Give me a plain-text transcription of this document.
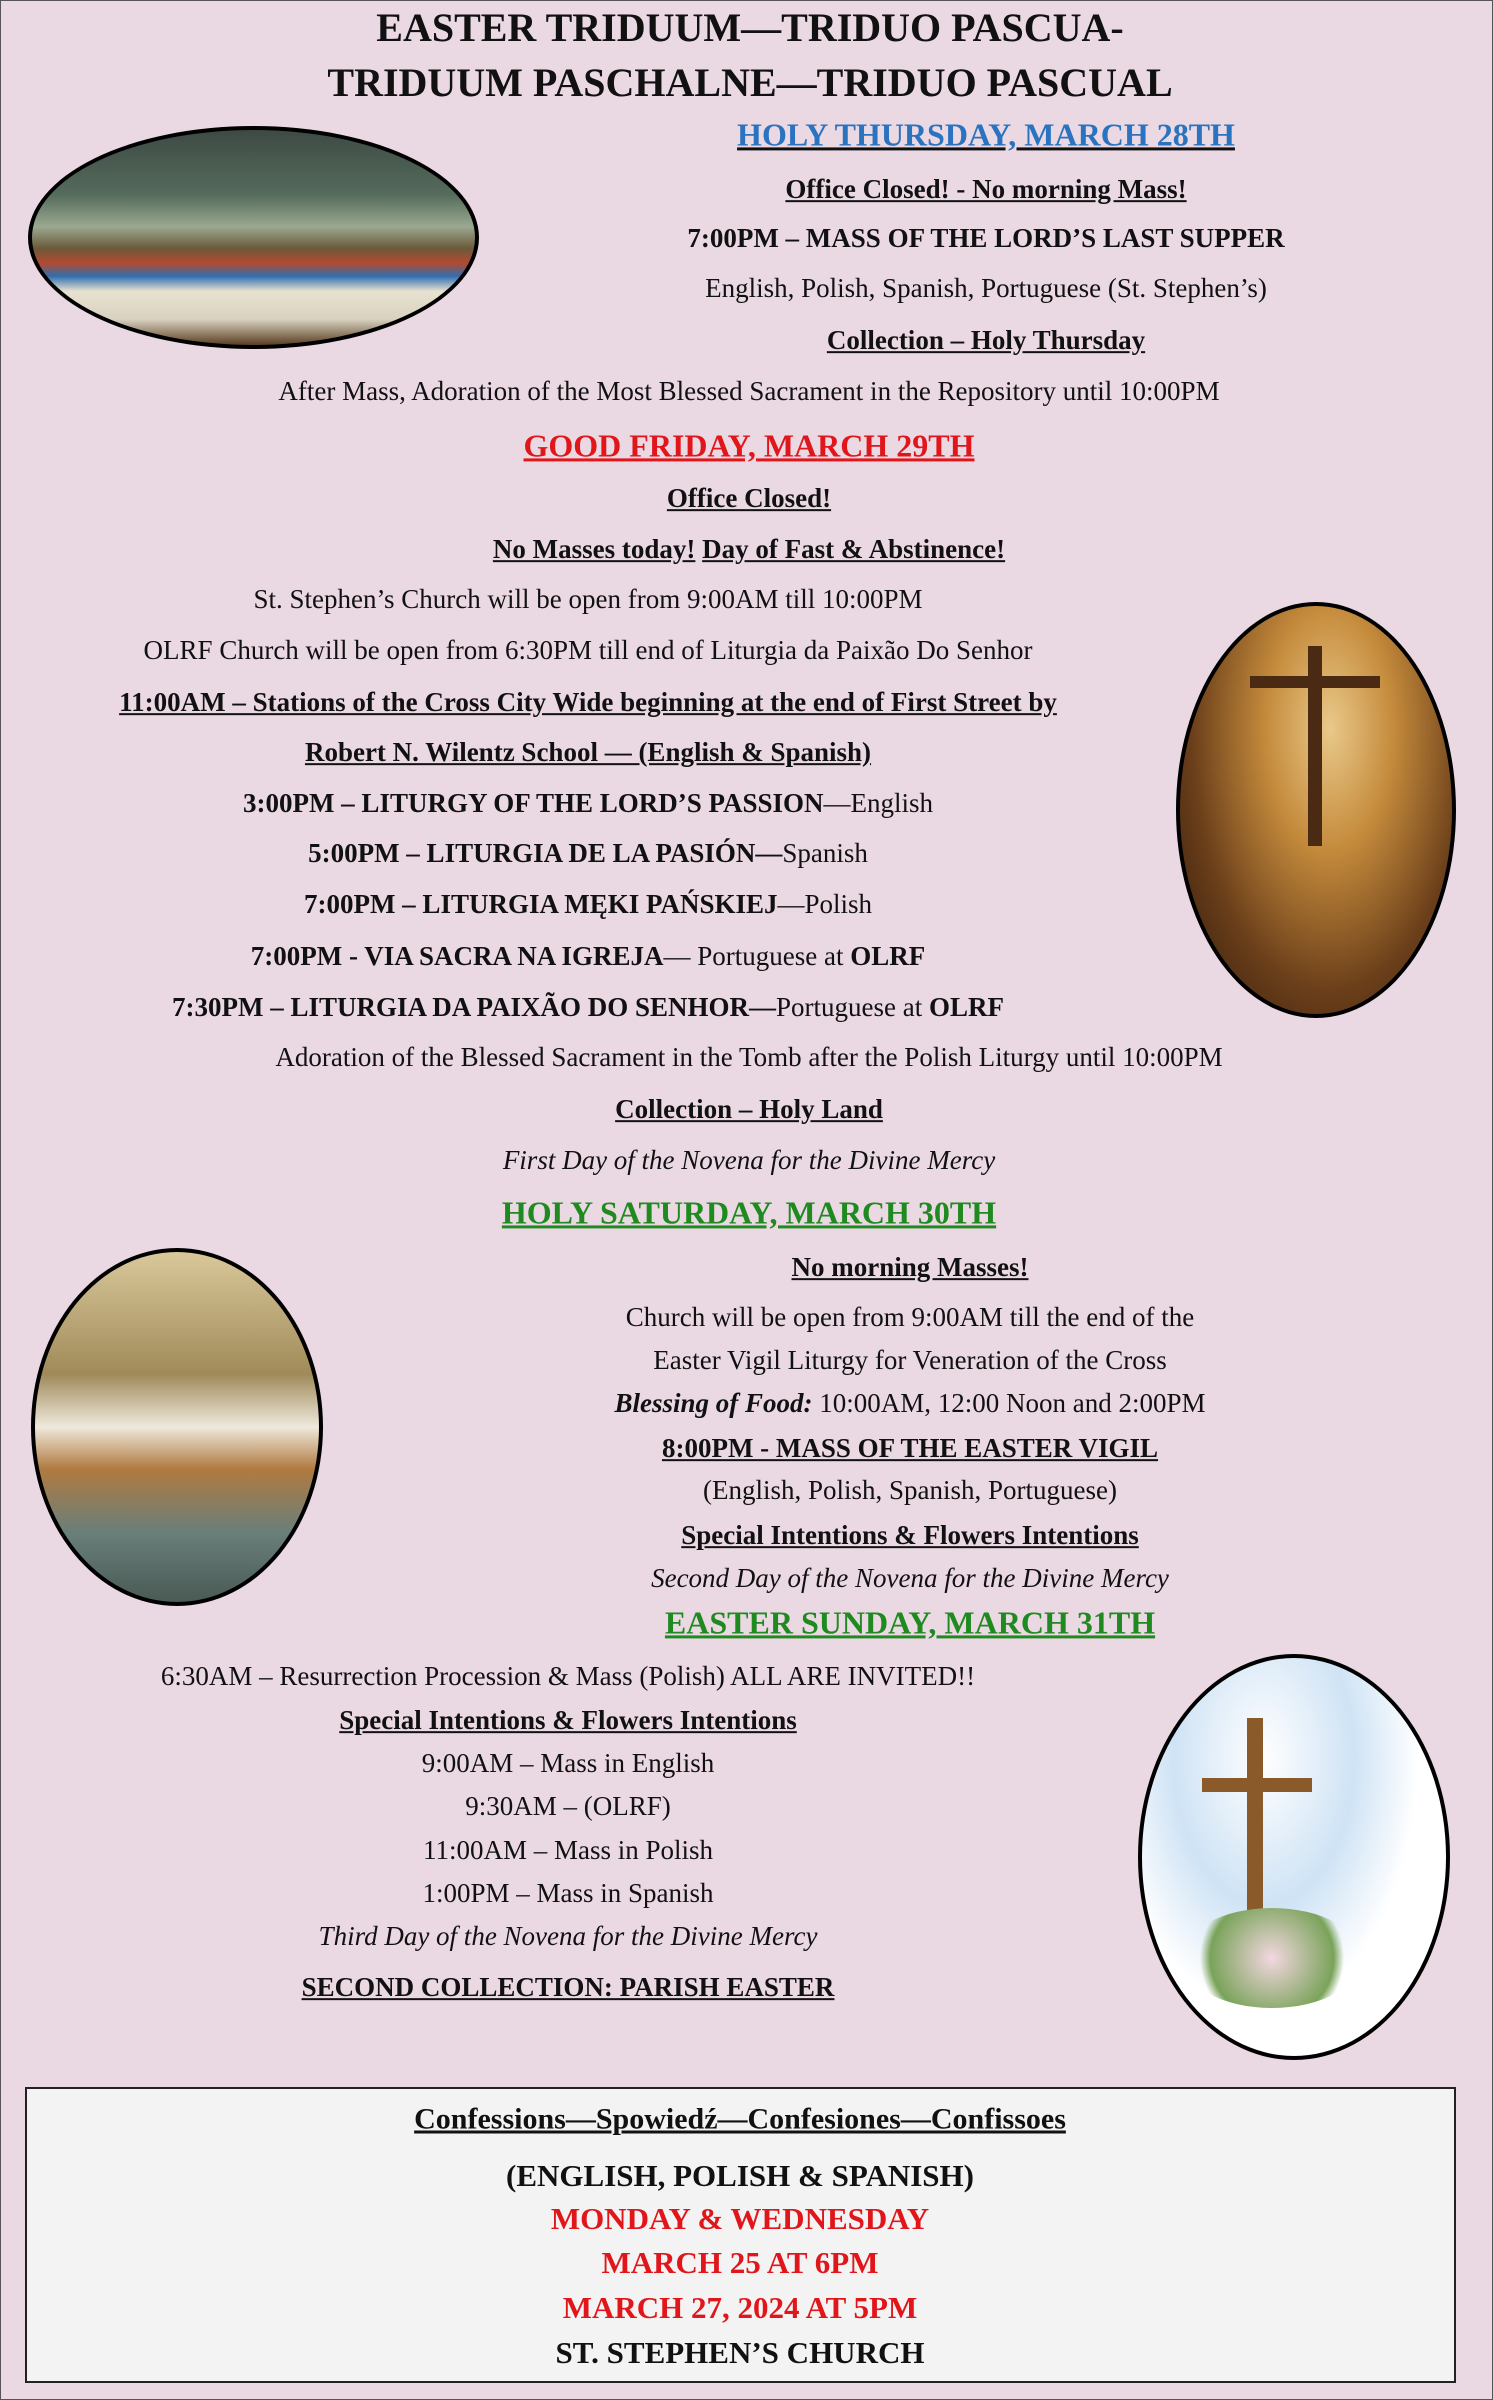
EASTER TRIDUUM—TRIDUO PASCUA-
TRIDUUM PASCHALNE—TRIDUO PASCUAL
HOLY THURSDAY, MARCH 28TH
Office Closed! - No morning Mass!
7:00PM – MASS OF THE LORD’S LAST SUPPER
English, Polish, Spanish, Portuguese (St. Stephen’s)
Collection – Holy Thursday
After Mass, Adoration of the Most Blessed Sacrament in the Repository until 10:00PM
GOOD FRIDAY, MARCH 29TH
Office Closed!
No Masses today! Day of Fast & Abstinence!
St. Stephen’s Church will be open from 9:00AM till 10:00PM
OLRF Church will be open from 6:30PM till end of Liturgia da Paixão Do Senhor
11:00AM – Stations of the Cross City Wide beginning at the end of First Street by
Robert N. Wilentz School — (English & Spanish)
3:00PM – LITURGY OF THE LORD’S PASSION—English
5:00PM – LITURGIA DE LA PASIÓN—Spanish
7:00PM – LITURGIA MĘKI PAŃSKIEJ—Polish
7:00PM - VIA SACRA NA IGREJA— Portuguese at OLRF
7:30PM – LITURGIA DA PAIXÃO DO SENHOR—Portuguese at OLRF
Adoration of the Blessed Sacrament in the Tomb after the Polish Liturgy until 10:00PM
Collection – Holy Land
First Day of the Novena for the Divine Mercy
HOLY SATURDAY, MARCH 30TH
No morning Masses!
Church will be open from 9:00AM till the end of the
Easter Vigil Liturgy for Veneration of the Cross
Blessing of Food: 10:00AM, 12:00 Noon and 2:00PM
8:00PM - MASS OF THE EASTER VIGIL
(English, Polish, Spanish, Portuguese)
Special Intentions & Flowers Intentions
Second Day of the Novena for the Divine Mercy
EASTER SUNDAY, MARCH 31TH
6:30AM – Resurrection Procession & Mass (Polish) ALL ARE INVITED!!
Special Intentions & Flowers Intentions
9:00AM – Mass in English
9:30AM – (OLRF)
11:00AM – Mass in Polish
1:00PM – Mass in Spanish
Third Day of the Novena for the Divine Mercy
SECOND COLLECTION: PARISH EASTER
Confessions—Spowiedź—Confesiones—Confissoes
(ENGLISH, POLISH & SPANISH)
MONDAY & WEDNESDAY
MARCH 25 AT 6PM
MARCH 27, 2024 AT 5PM
ST. STEPHEN’S CHURCH
